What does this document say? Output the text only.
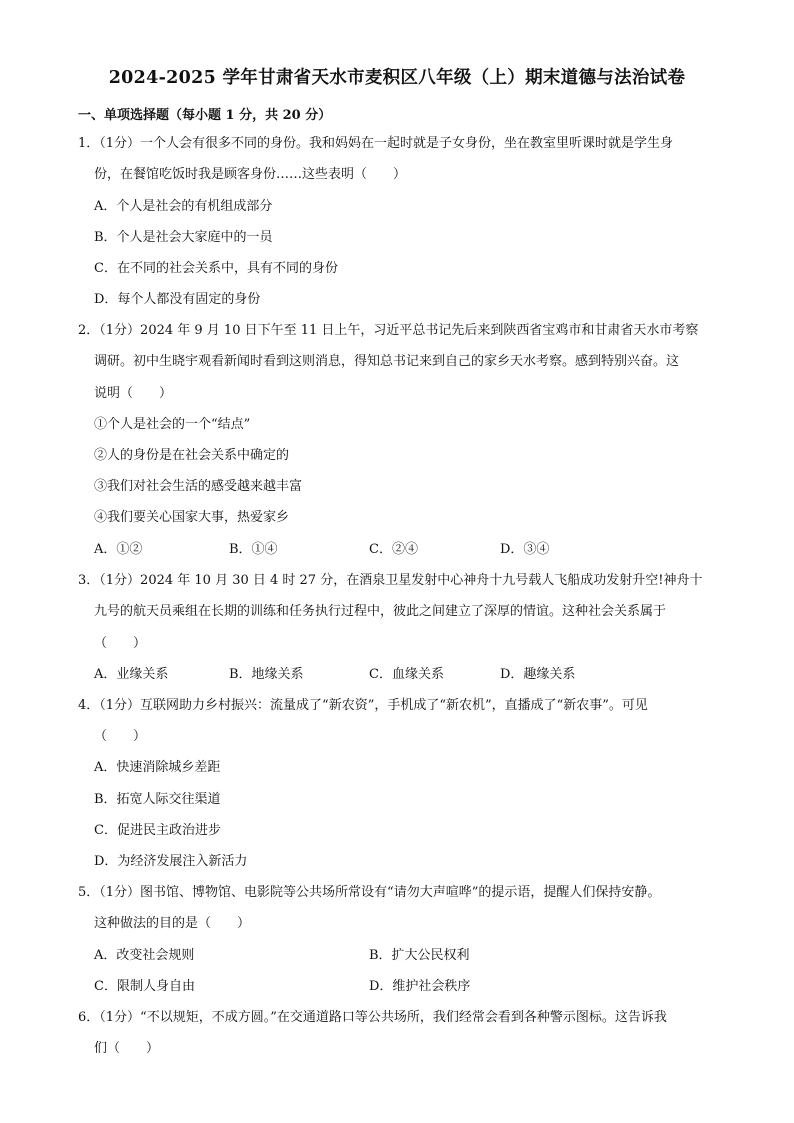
2024-2025 学年甘肃省天水市麦积区八年级（上）期末道德与法治试卷
一、单项选择题（每小题 1 分，共 20 分）
1．（1分）一个人会有很多不同的身份。我和妈妈在一起时就是子女身份，坐在教室里听课时就是学生身
份，在餐馆吃饭时我是顾客身份……这些表明（　　）
A．个人是社会的有机组成部分
B．个人是社会大家庭中的一员
C．在不同的社会关系中，具有不同的身份
D．每个人都没有固定的身份
2．（1分）2024 年 9 月 10 日下午至 11 日上午，习近平总书记先后来到陕西省宝鸡市和甘肃省天水市考察
调研。初中生晓宇观看新闻时看到这则消息，得知总书记来到自己的家乡天水考察。感到特别兴奋。这
说明（　　）
①个人是社会的一个“结点”
②人的身份是在社会关系中确定的
③我们对社会生活的感受越来越丰富
④我们要关心国家大事，热爱家乡
A．①②	B．①④	C．②④	D．③④
3．（1分）2024 年 10 月 30 日 4 时 27 分，在酒泉卫星发射中心神舟十九号载人飞船成功发射升空!神舟十
九号的航天员乘组在长期的训练和任务执行过程中，彼此之间建立了深厚的情谊。这种社会关系属于
（　　）
A．业缘关系	B．地缘关系	C．血缘关系	D．趣缘关系
4．（1分）互联网助力乡村振兴：流量成了“新农资”，手机成了“新农机”，直播成了“新农事”。可见
（　　）
A．快速消除城乡差距
B．拓宽人际交往渠道
C．促进民主政治进步
D．为经济发展注入新活力
5．（1分）图书馆、博物馆、电影院等公共场所常设有“请勿大声喧哗”的提示语，提醒人们保持安静。
这种做法的目的是（　　）
A．改变社会规则	B．扩大公民权利
C．限制人身自由	D．维护社会秩序
6．（1分）“不以规矩，不成方圆。”在交通道路口等公共场所，我们经常会看到各种警示图标。这告诉我
们（　　）
